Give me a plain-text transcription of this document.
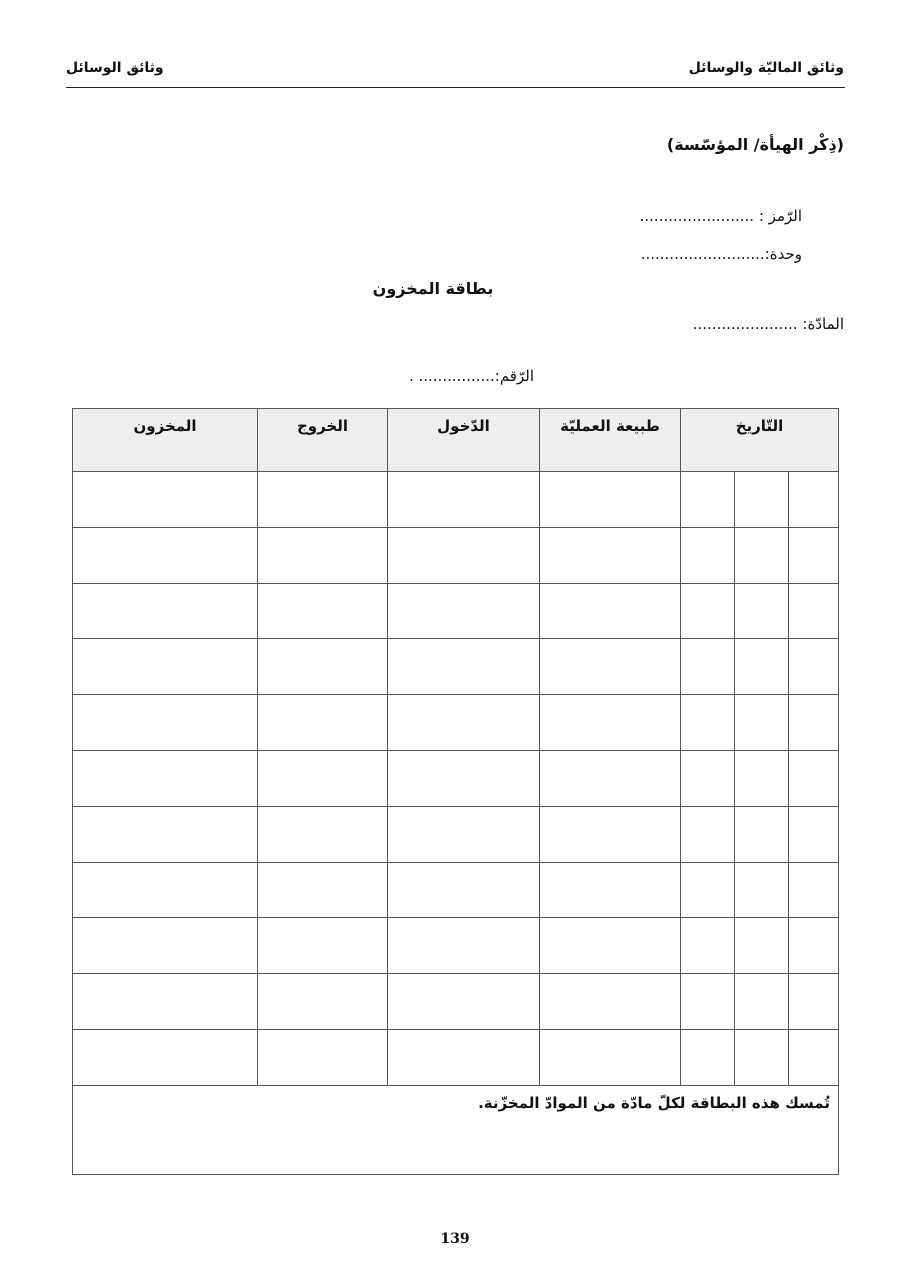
وثائق الماليّة والوسائل
وثائق الوسائل
(ذِكْر الهيأة/ المؤسّسة)
الرّمز : ........................
وحدة:..........................
بطاقة المخزون
المادّة: ......................
الرّقم:................ .
التّاريخ			طبيعة العمليّة	الدّخول	الخروج	المخزون

تُمسك هذه البطاقة لكلّ مادّة من الموادّ المخزّنة.						
139
